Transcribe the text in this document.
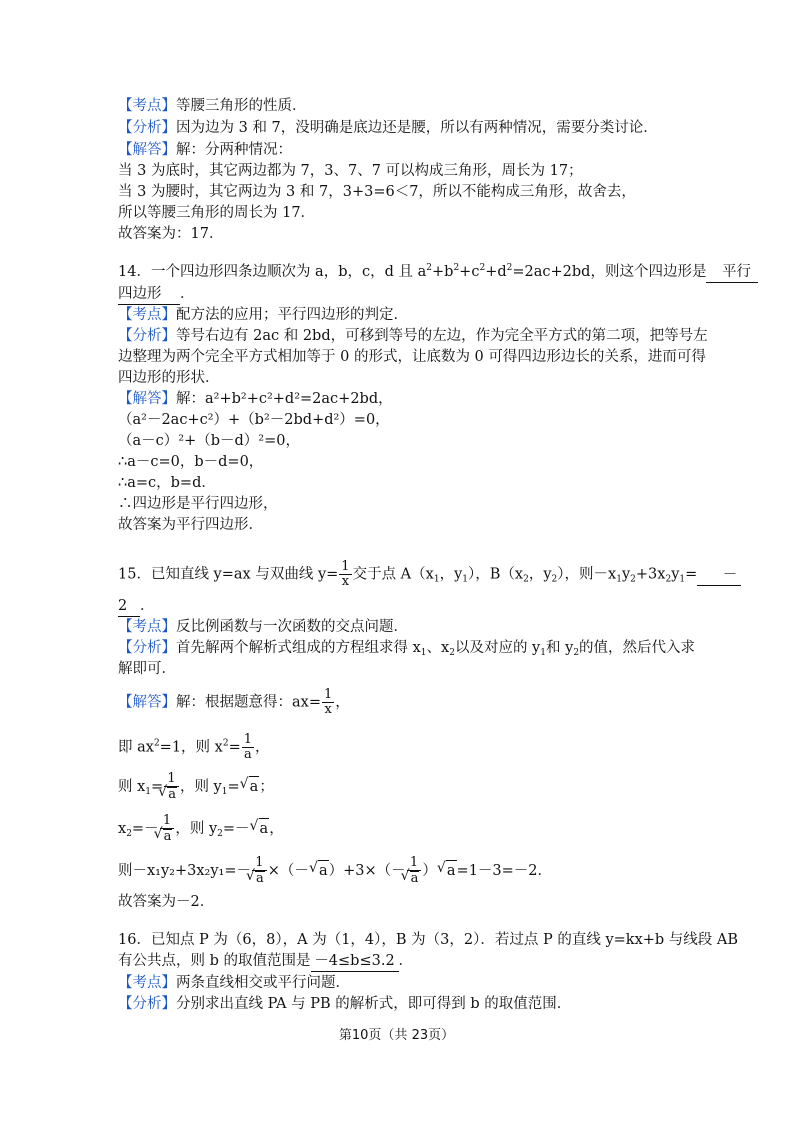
【考点】等腰三角形的性质．
【分析】因为边为 3 和 7，没明确是底边还是腰，所以有两种情况，需要分类讨论．
【解答】解：分两种情况：
当 3 为底时，其它两边都为 7，3、7、7 可以构成三角形，周长为 17；
当 3 为腰时，其它两边为 3 和 7，3+3=6＜7，所以不能构成三角形，故舍去，
所以等腰三角形的周长为 17．
故答案为：17．
14．一个四边形四条边顺次为 a，b，c，d 且 $a^2+b^2+c^2+d^2=2ac+2bd$，则这个四边形是 平行
四边形 ．
【考点】配方法的应用；平行四边形的判定．
【分析】等号右边有 2ac 和 2bd，可移到等号的左边，作为完全平方式的第二项，把等号左
边整理为两个完全平方式相加等于 0 的形式，让底数为 0 可得四边形边长的关系，进而可得
四边形的形状．
【解答】解：a²+b²+c²+d²=2ac+2bd，
（a²－2ac+c²）+（b²－2bd+d²）=0，
（a－c）²+（b－d）²=0，
∴a－c=0，b－d=0，
∴a=c，b=d．
∴四边形是平行四边形，
故答案为平行四边形．
15．已知直线 y=ax 与双曲线 $y= \frac{1}{x}$ 交于点 $A(x_1$，$y_1$），$B(x_2$，$y_2$），则$-x_1y_2+3x_2y_1=$ －
2 ．
【考点】反比例函数与一次函数的交点问题．
【分析】首先解两个解析式组成的方程组求得 $x_1$、$x_2$以及对应的 $y_1$和 $y_2$的值，然后代入求
解即可．
【解答】解：根据题意得：$ax= \frac{1}{x}$ ，
即 $ax^2=1$，则 $x^2= \frac{1}{a}$ ，
则 $x_1= 1$
√ a ，则 $y_1=√$ a；
$x_2=- 1$
√ a ，则 $y_2=-√$ a，
则－x₁y₂+3x₂y₁=－ 1
√ a ×（－√ a）+3×（－ 1
√ a ）√ a=1－3=－2．
故答案为－2．
16．已知点 P 为（6，8），A 为（1，4），B 为（3，2）．若过点 P 的直线 y=kx+b 与线段 AB
有公共点，则 b 的取值范围是 －4≤b≤3.2 ．
【考点】两条直线相交或平行问题．
【分析】分别求出直线 PA 与 PB 的解析式，即可得到 b 的取值范围．
第10页（共 23页）
